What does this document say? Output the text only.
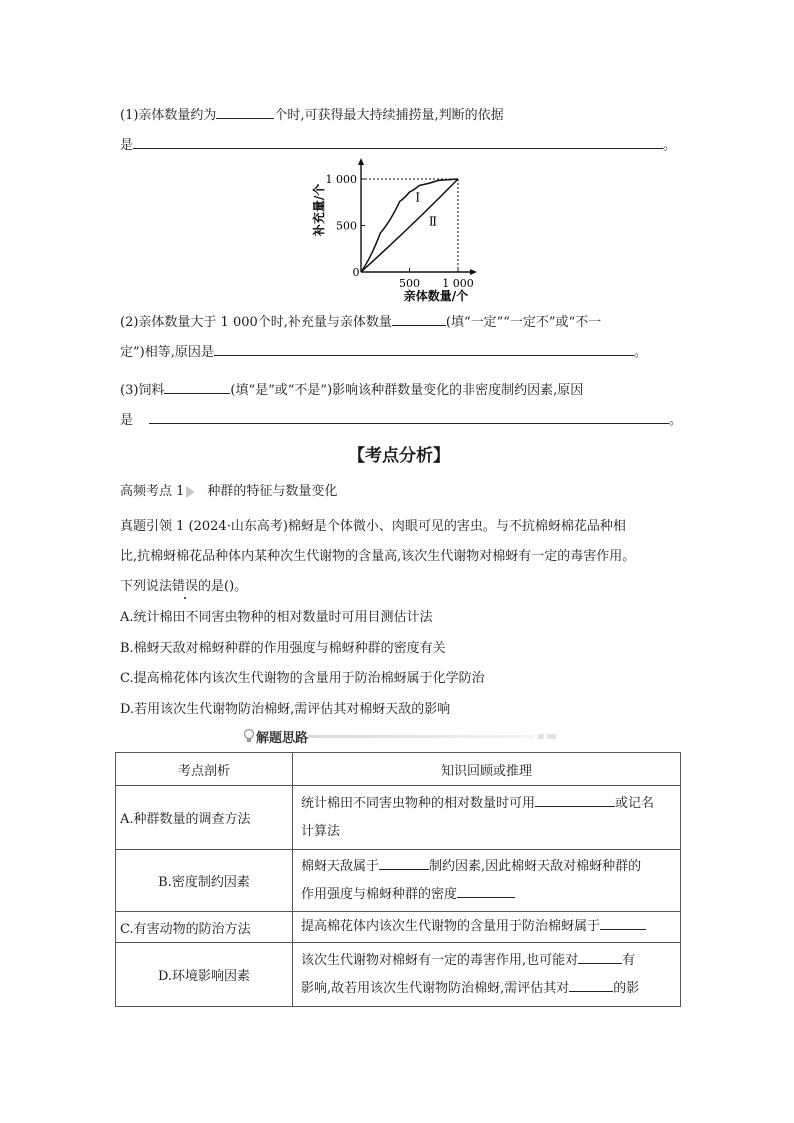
(1)亲体数量约为	个时,可获得最大持续捕捞量,判断的依据
是	。
0
500 1 000
500
1 000
Ⅰ
Ⅱ
亲体数量/个
补充量/个
(2)亲体数量大于 1 000个时,补充量与亲体数量	(填“一定”“一定不”或“不一
定”)相等,原因是	。
(3)饲料	(填“是”或“不是”)影响该种群数量变化的非密度制约因素,原因
是	。
【考点分析】
高频考点 1 种群的特征与数量变化
真题引领 1 (2024·山东高考)棉蚜是个体微小、肉眼可见的害虫。与不抗棉蚜棉花品种相
比,抗棉蚜棉花品种体内某种次生代谢物的含量高,该次生代谢物对棉蚜有一定的毒害作用。
下列说法错误的是()。
A.统计棉田不同害虫物种的相对数量时可用目测估计法
B.棉蚜天敌对棉蚜种群的作用强度与棉蚜种群的密度有关
C.提高棉花体内该次生代谢物的含量用于防治棉蚜属于化学防治
D.若用该次生代谢物防治棉蚜,需评估其对棉蚜天敌的影响
解题思路
考点剖析	知识回顾或推理
A.种群数量的调查方法	统计棉田不同害虫物种的相对数量时可用 或记名
计算法
B.密度制约因素	棉蚜天敌属于 制约因素,因此棉蚜天敌对棉蚜种群的
作用强度与棉蚜种群的密度
C.有害动物的防治方法	提高棉花体内该次生代谢物的含量用于防治棉蚜属于
D.环境影响因素	该次生代谢物对棉蚜有一定的毒害作用,也可能对 有
影响,故若用该次生代谢物防治棉蚜,需评估其对 的影
